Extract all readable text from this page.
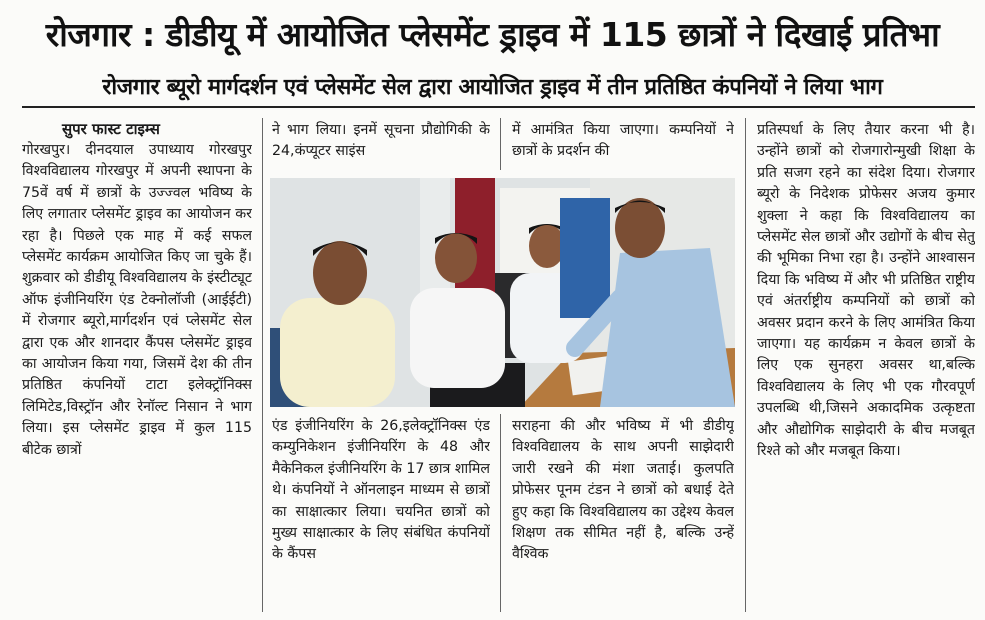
रोजगार : डीडीयू में आयोजित प्लेसमेंट ड्राइव में 115 छात्रों ने दिखाई प्रतिभा
रोजगार ब्यूरो मार्गदर्शन एवं प्लेसमेंट सेल द्वारा आयोजित ड्राइव में तीन प्रतिष्ठित कंपनियों ने लिया भाग

सुपर फास्ट टाइम्स

गोरखपुर। दीनदयाल उपाध्याय गोरखपुर विश्वविद्यालय गोरखपुर में अपनी स्थापना के 75वें वर्ष में छात्रों के उज्ज्वल भविष्य के लिए लगातार प्लेसमेंट ड्राइव का आयोजन कर रहा है। पिछले एक माह में कई सफल प्लेसमेंट कार्यक्रम आयोजित किए जा चुके हैं। शुक्रवार को डीडीयू विश्वविद्यालय के इंस्टीट्यूट ऑफ इंजीनियरिंग एंड टेक्नोलॉजी (आईईटी) में रोजगार ब्यूरो,मार्गदर्शन एवं प्लेसमेंट सेल द्वारा एक और शानदार कैंपस प्लेसमेंट ड्राइव का आयोजन किया गया, जिसमें देश की तीन प्रतिष्ठित कंपनियों टाटा इलेक्ट्रॉनिक्स लिमिटेड,विस्ट्रॉन और रेनॉल्ट निसान ने भाग लिया। इस प्लेसमेंट ड्राइव में कुल 115 बीटेक छात्रों

ने भाग लिया। इनमें सूचना प्रौद्योगिकी के 24,कंप्यूटर साइंस

एंड इंजीनियरिंग के 26,इलेक्ट्रॉनिक्स एंड कम्युनिकेशन इंजीनियरिंग के 48 और मैकेनिकल इंजीनियरिंग के 17 छात्र शामिल थे। कंपनियों ने ऑनलाइन माध्यम से छात्रों का साक्षात्कार लिया। चयनित छात्रों को मुख्य साक्षात्कार के लिए संबंधित कंपनियों के कैंपस

में आमंत्रित किया जाएगा। कम्पनियों ने छात्रों के प्रदर्शन की

सराहना की और भविष्य में भी डीडीयू विश्वविद्यालय के साथ अपनी साझेदारी जारी रखने की मंशा जताई। कुलपति प्रोफेसर पूनम टंडन ने छात्रों को बधाई देते हुए कहा कि विश्वविद्यालय का उद्देश्य केवल शिक्षण तक सीमित नहीं है, बल्कि उन्हें वैश्विक

प्रतिस्पर्धा के लिए तैयार करना भी है। उन्होंने छात्रों को रोजगारोन्मुखी शिक्षा के प्रति सजग रहने का संदेश दिया। रोजगार ब्यूरो के निदेशक प्रोफेसर अजय कुमार शुक्ला ने कहा कि विश्वविद्यालय का प्लेसमेंट सेल छात्रों और उद्योगों के बीच सेतु की भूमिका निभा रहा है। उन्होंने आश्वासन दिया कि भविष्य में और भी प्रतिष्ठित राष्ट्रीय एवं अंतर्राष्ट्रीय कम्पनियों को छात्रों को अवसर प्रदान करने के लिए आमंत्रित किया जाएगा। यह कार्यक्रम न केवल छात्रों के लिए एक सुनहरा अवसर था,बल्कि विश्वविद्यालय के लिए भी एक गौरवपूर्ण उपलब्धि थी,जिसने अकादमिक उत्कृष्टता और औद्योगिक साझेदारी के बीच मजबूत रिश्ते को और मजबूत किया।
